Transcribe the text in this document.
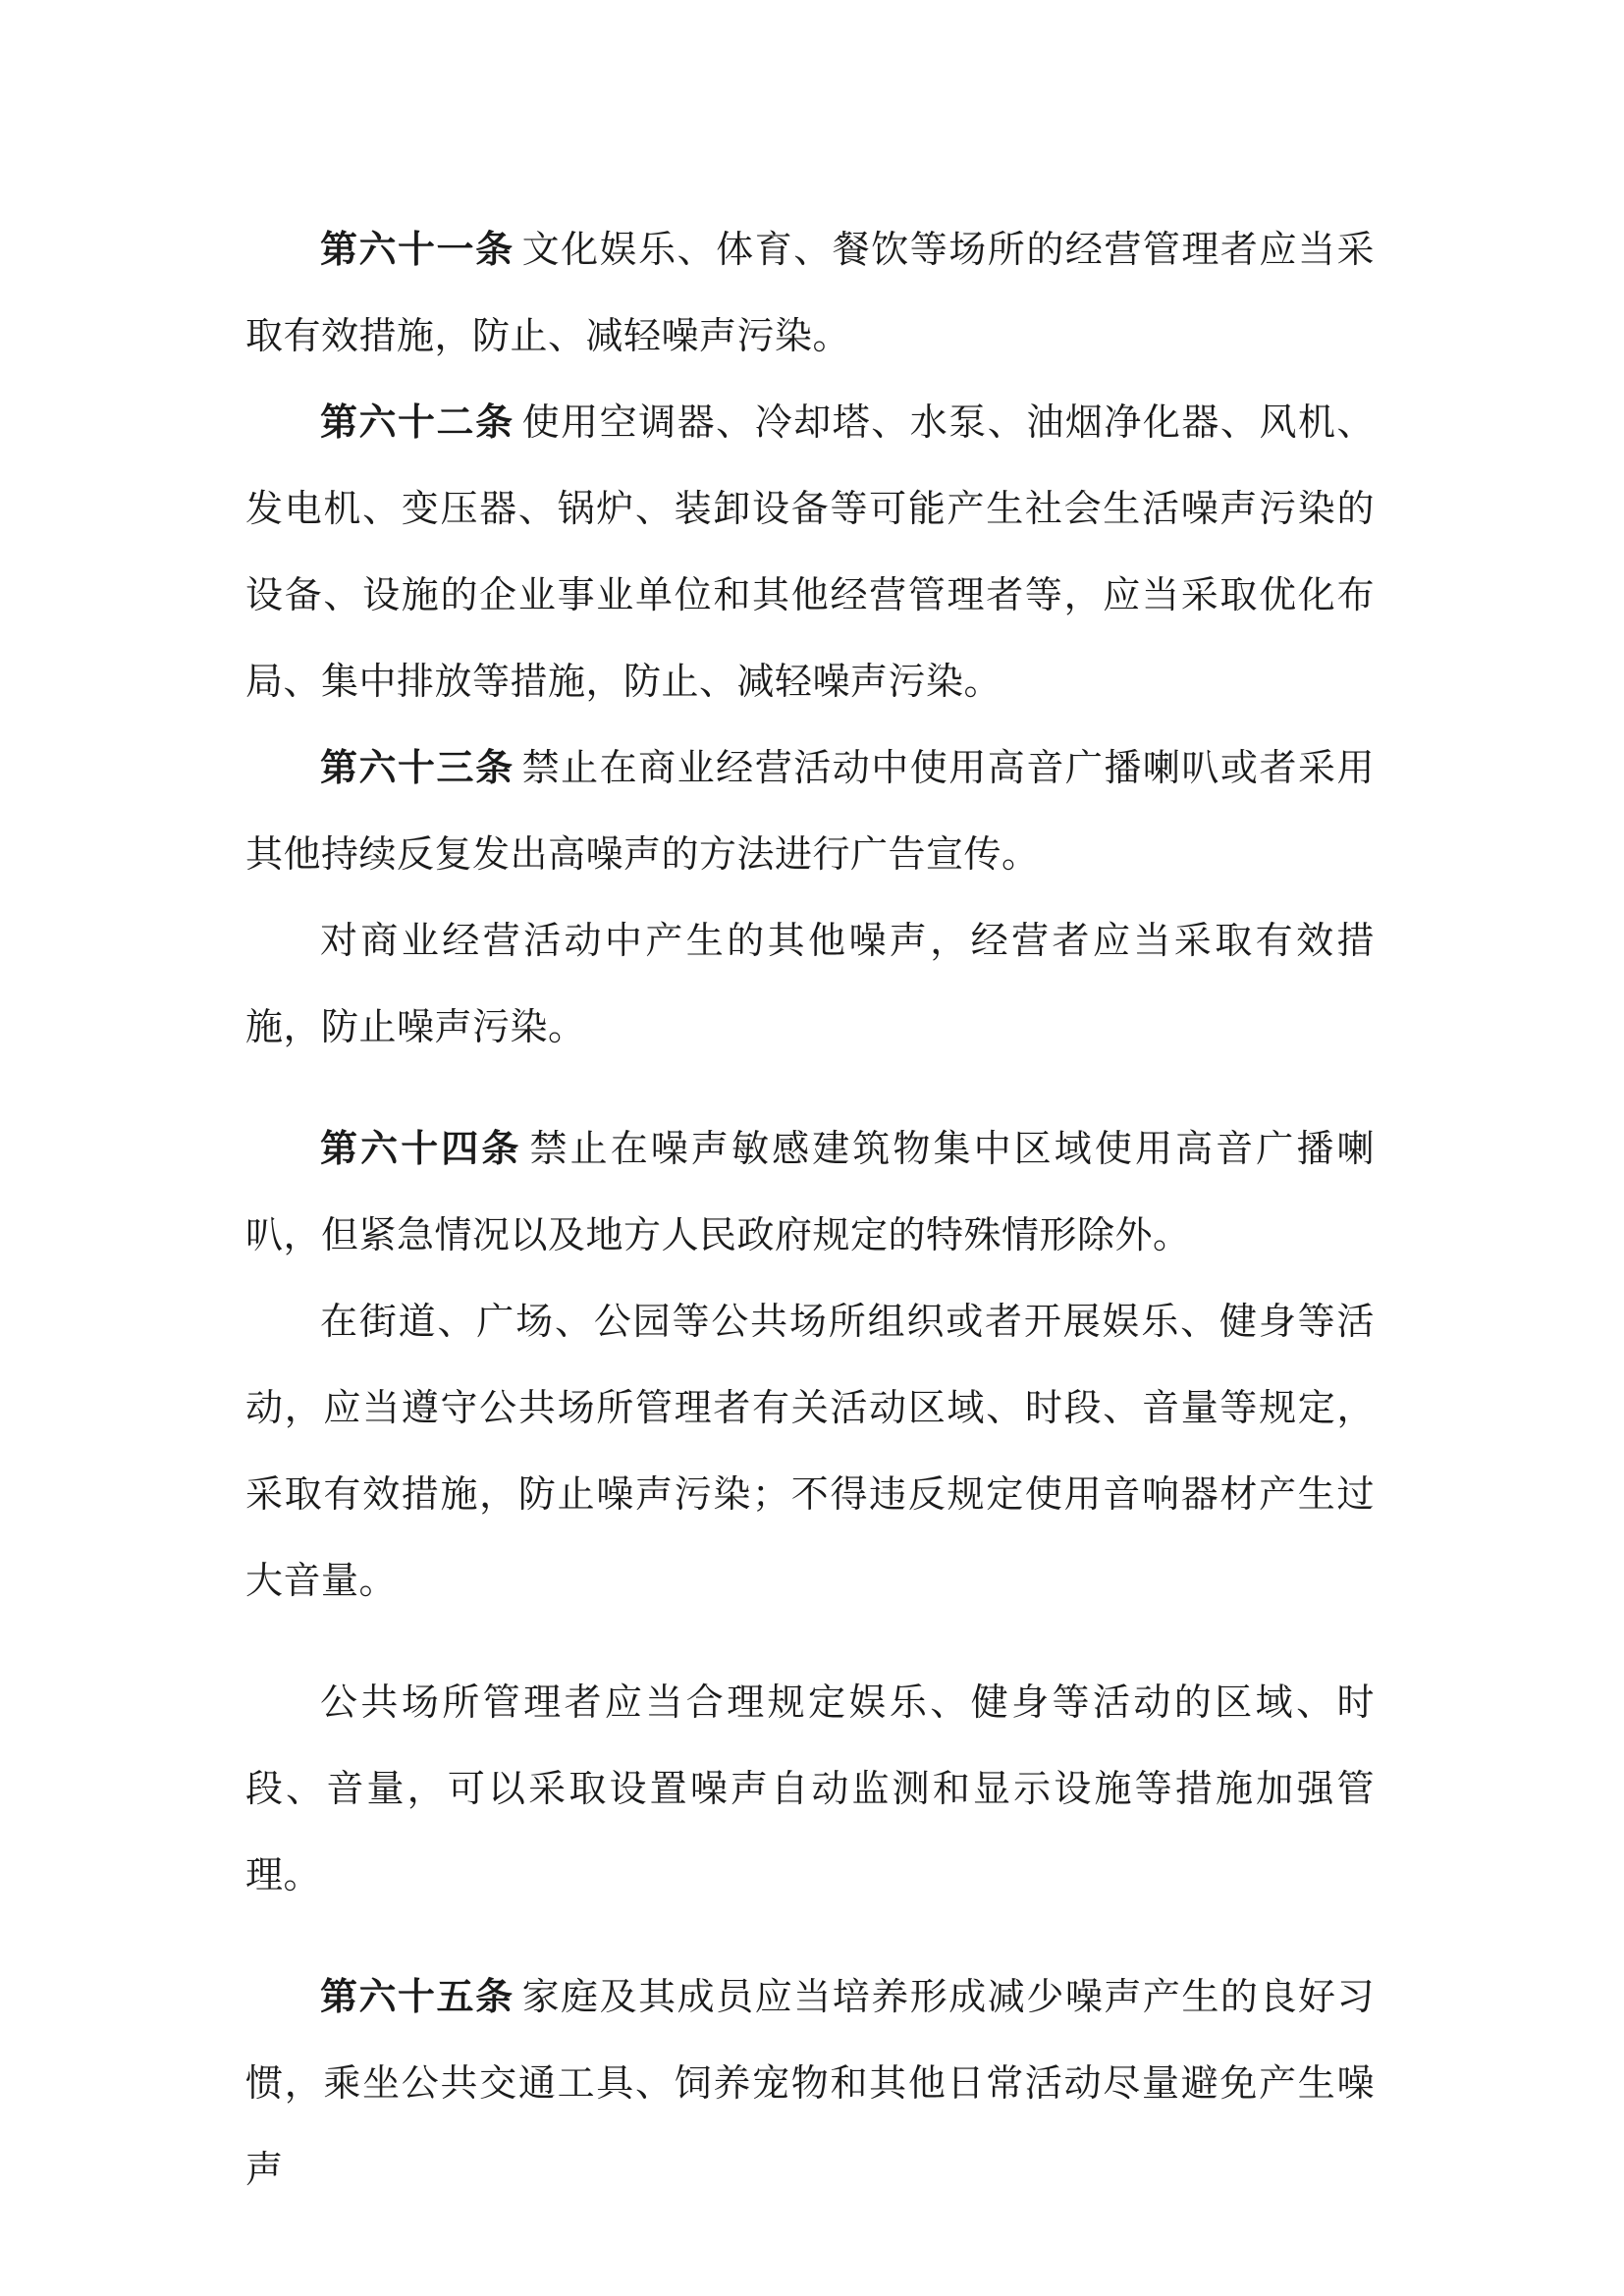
第六十一条 文化娱乐、体育、餐饮等场所的经营管理者应当采取有效措施，防止、减轻噪声污染。

第六十二条 使用空调器、冷却塔、水泵、油烟净化器、风机、发电机、变压器、锅炉、装卸设备等可能产生社会生活噪声污染的设备、设施的企业事业单位和其他经营管理者等，应当采取优化布局、集中排放等措施，防止、减轻噪声污染。

第六十三条 禁止在商业经营活动中使用高音广播喇叭或者采用其他持续反复发出高噪声的方法进行广告宣传。

对商业经营活动中产生的其他噪声，经营者应当采取有效措施，防止噪声污染。

第六十四条 禁止在噪声敏感建筑物集中区域使用高音广播喇叭，但紧急情况以及地方人民政府规定的特殊情形除外。

在街道、广场、公园等公共场所组织或者开展娱乐、健身等活动，应当遵守公共场所管理者有关活动区域、时段、音量等规定，采取有效措施，防止噪声污染；不得违反规定使用音响器材产生过大音量。

公共场所管理者应当合理规定娱乐、健身等活动的区域、时段、音量，可以采取设置噪声自动监测和显示设施等措施加强管理。

第六十五条 家庭及其成员应当培养形成减少噪声产生的良好习惯，乘坐公共交通工具、饲养宠物和其他日常活动尽量避免产生噪声
